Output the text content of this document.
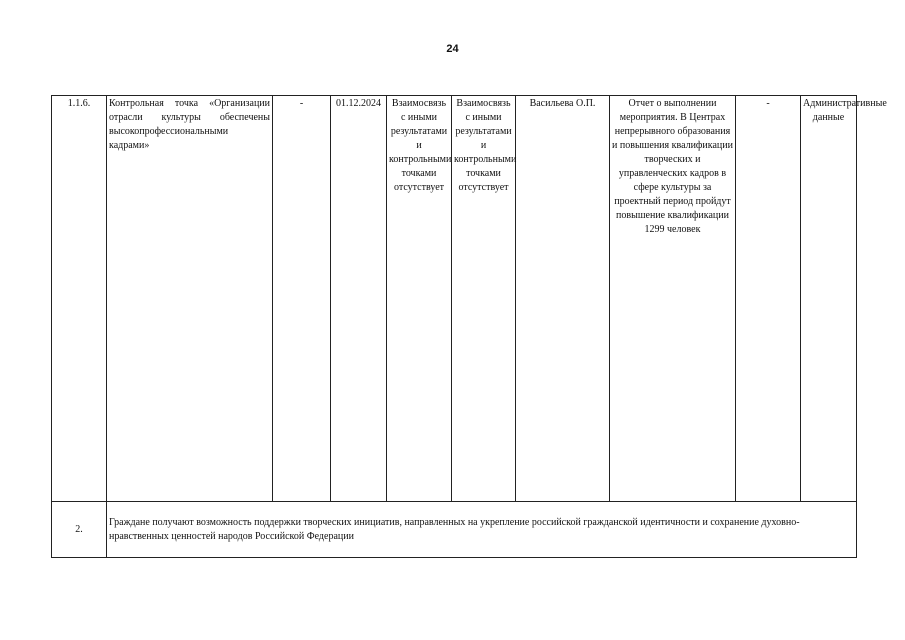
24
1.1.6.	Контрольная точка «Организации отрасли культуры обеспечены высокопрофессиональными кадрами»	-	01.12.2024	Взаимосвязь с иными результатами и контрольными точками отсутствует	Взаимосвязь с иными результатами и контрольными точками отсутствует	Васильева О.П.	Отчет о выполнении мероприятия. В Центрах непрерывного образования и повышения квалификации творческих и управленческих кадров в сфере культуры за проектный период пройдут повышение квалификации 1299 человек	-	Административные данные
2.	Граждане получают возможность поддержки творческих инициатив, направленных на укрепление российской гражданской идентичности и сохранение духовно-нравственных ценностей народов Российской Федерации								
